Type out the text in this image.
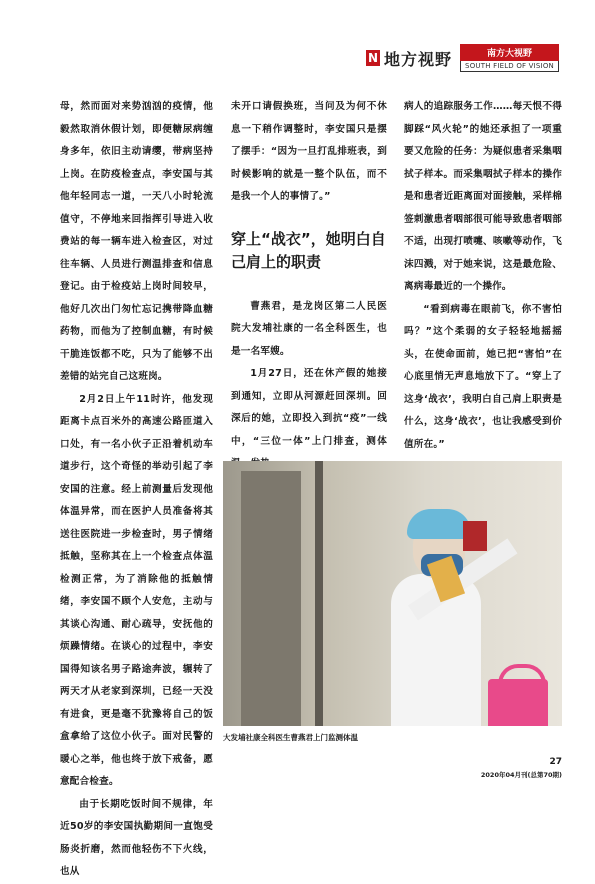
N 地方视野	南方大视野
SOUTH FIELD OF VISION

母，然而面对来势汹汹的疫情，他毅然取消休假计划，即便糖尿病缠身多年，依旧主动请缨，带病坚持上岗。在防疫检查点，李安国与其他年轻同志一道，一天八小时轮流值守，不停地来回指挥引导进入收费站的每一辆车进入检查区，对过往车辆、人员进行测温排查和信息登记。由于检疫站上岗时间较早，他好几次出门匆忙忘记携带降血糖药物，而他为了控制血糖，有时候干脆连饭都不吃，只为了能够不出差错的站完自己这班岗。

2月2日上午11时许，他发现距离卡点百米外的高速公路匝道入口处，有一名小伙子正沿着机动车道步行，这个奇怪的举动引起了李安国的注意。经上前测量后发现他体温异常，而在医护人员准备将其送往医院进一步检查时，男子情绪抵触，坚称其在上一个检查点体温检测正常，为了消除他的抵触情绪，李安国不顾个人安危，主动与其谈心沟通、耐心疏导，安抚他的烦躁情绪。在谈心的过程中，李安国得知该名男子路途奔波，辗转了两天才从老家到深圳，已经一天没有进食，更是毫不犹豫将自己的饭盒拿给了这位小伙子。面对民警的暖心之举，他也终于放下戒备，愿意配合检查。

由于长期吃饭时间不规律，年近50岁的李安国执勤期间一直饱受肠炎折磨，然而他轻伤不下火线，也从

未开口请假换班，当问及为何不休息一下稍作调整时，李安国只是摆了摆手：“因为一旦打乱排班表，到时候影响的就是一整个队伍，而不是我一个人的事情了。”

穿上“战衣”，她明白自己肩上的职责

曹燕君，是龙岗区第二人民医院大发埔社康的一名全科医生，也是一名军嫂。

1月27日，还在休产假的她接到通知，立即从河源赶回深圳。回深后的她，立即投入到抗“疫”一线中，“三位一体”上门排查，测体

病人的追踪服务工作……每天恨不得脚踩“风火轮”的她还承担了一项重要又危险的任务：为疑似患者采集咽拭子样本。而采集咽拭子样本的操作是和患者近距离面对面接触，采样棉签刺激患者咽部很可能导致患者咽部不适，出现打喷嚏、咳嗽等动作，飞沫四溅，对于她来说，这是最危险、离病毒最近的一个操作。

“看到病毒在眼前飞，你不害怕吗？”这个柔弱的女子轻轻地摇摇头，在使命面前，她已把“害怕”在心底里悄无声息地放下了。“穿上了这身‘战衣’，我明白自己肩上职责是什么，这身‘战衣’，也让我感受到价值所在。”

大发埔社康全科医生曹燕君上门监测体温
27
2020年04月刊(总第70期)
